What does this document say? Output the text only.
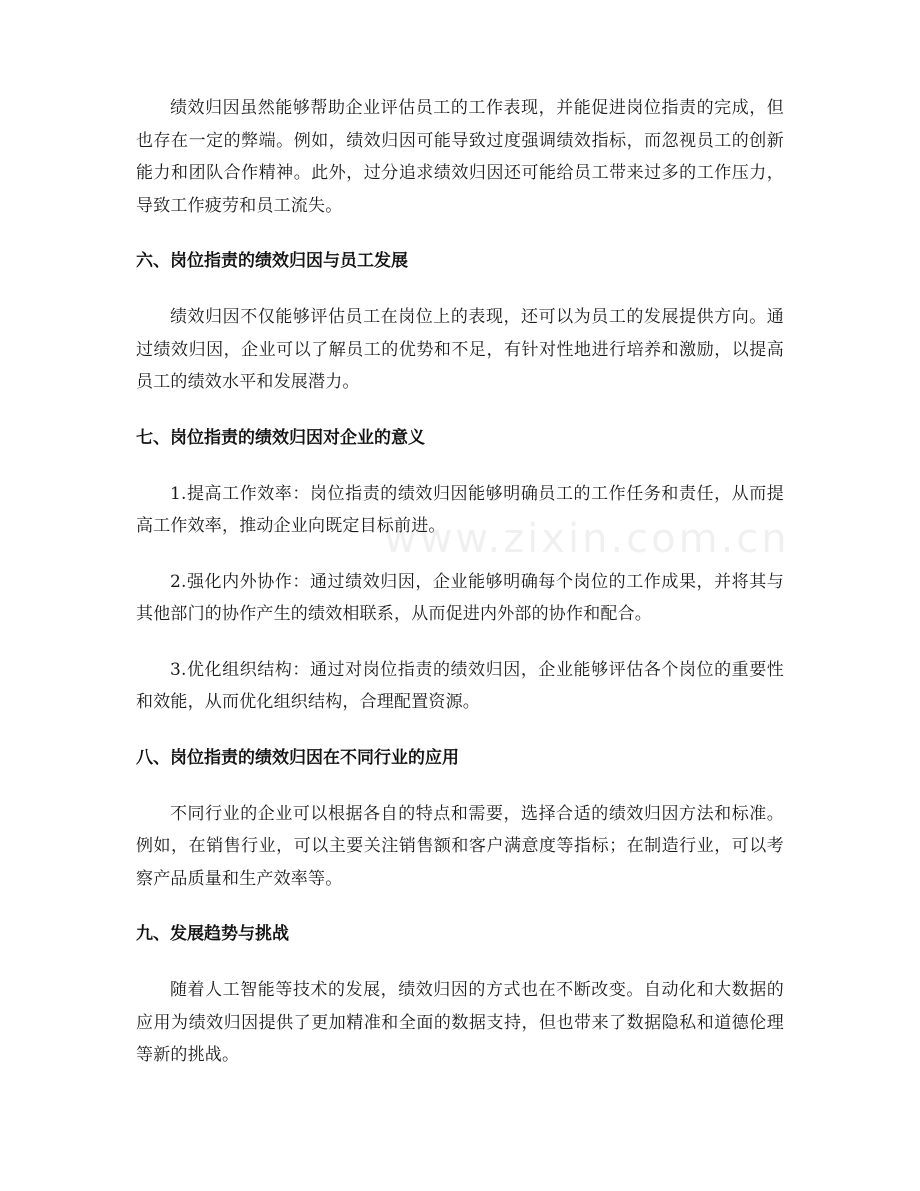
绩效归因虽然能够帮助企业评估员工的工作表现，并能促进岗位指责的完成，但也存在一定的弊端。例如，绩效归因可能导致过度强调绩效指标，而忽视员工的创新能力和团队合作精神。此外，过分追求绩效归因还可能给员工带来过多的工作压力，导致工作疲劳和员工流失。

六、岗位指责的绩效归因与员工发展

绩效归因不仅能够评估员工在岗位上的表现，还可以为员工的发展提供方向。通过绩效归因，企业可以了解员工的优势和不足，有针对性地进行培养和激励，以提高员工的绩效水平和发展潜力。

七、岗位指责的绩效归因对企业的意义

1.提高工作效率：岗位指责的绩效归因能够明确员工的工作任务和责任，从而提高工作效率，推动企业向既定目标前进。

2.强化内外协作：通过绩效归因，企业能够明确每个岗位的工作成果，并将其与其他部门的协作产生的绩效相联系，从而促进内外部的协作和配合。

3.优化组织结构：通过对岗位指责的绩效归因，企业能够评估各个岗位的重要性和效能，从而优化组织结构，合理配置资源。

八、岗位指责的绩效归因在不同行业的应用

不同行业的企业可以根据各自的特点和需要，选择合适的绩效归因方法和标准。例如，在销售行业，可以主要关注销售额和客户满意度等指标；在制造行业，可以考察产品质量和生产效率等。

九、发展趋势与挑战

随着人工智能等技术的发展，绩效归因的方式也在不断改变。自动化和大数据的应用为绩效归因提供了更加精准和全面的数据支持，但也带来了数据隐私和道德伦理等新的挑战。

www.zixin.com.cn
